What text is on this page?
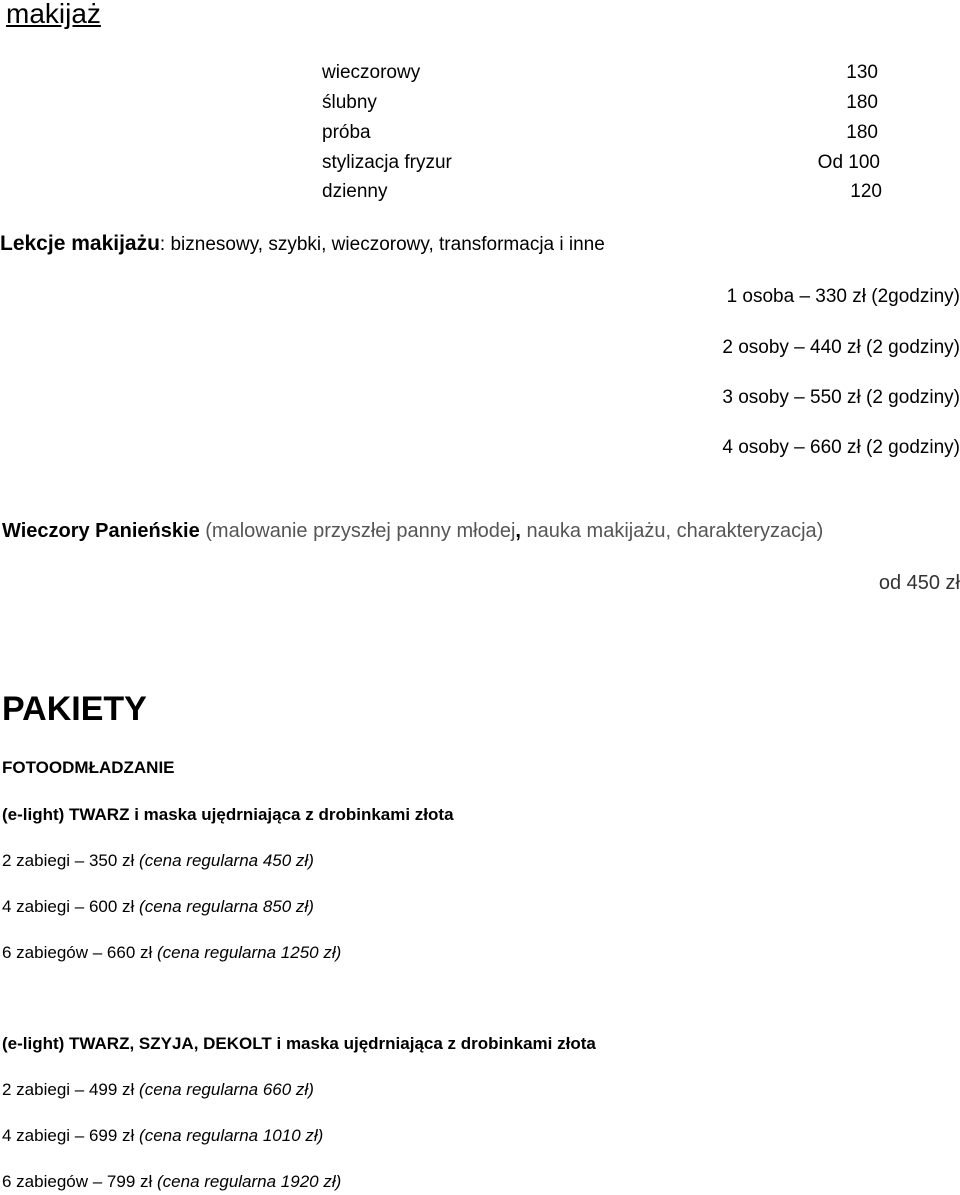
makijaż
wieczorowy	130
ślubny	180
próba	180
stylizacja fryzur	Od 100
dzienny	120
Lekcje makijażu: biznesowy, szybki, wieczorowy, transformacja i inne
1 osoba – 330 zł (2godziny)
2 osoby – 440 zł (2 godziny)
3 osoby – 550 zł (2 godziny)
4 osoby – 660 zł (2 godziny)
Wieczory Panieńskie (malowanie przyszłej panny młodej, nauka makijażu, charakteryzacja)
od 450 zł
PAKIETY
FOTOODMŁADZANIE
(e-light) TWARZ i maska ujędrniająca z drobinkami złota
2 zabiegi – 350 zł (cena regularna 450 zł)
4 zabiegi – 600 zł (cena regularna 850 zł)
6 zabiegów – 660 zł (cena regularna 1250 zł)
(e-light) TWARZ, SZYJA, DEKOLT i maska ujędrniająca z drobinkami złota
2 zabiegi – 499 zł (cena regularna 660 zł)
4 zabiegi – 699 zł (cena regularna 1010 zł)
6 zabiegów – 799 zł (cena regularna 1920 zł)
